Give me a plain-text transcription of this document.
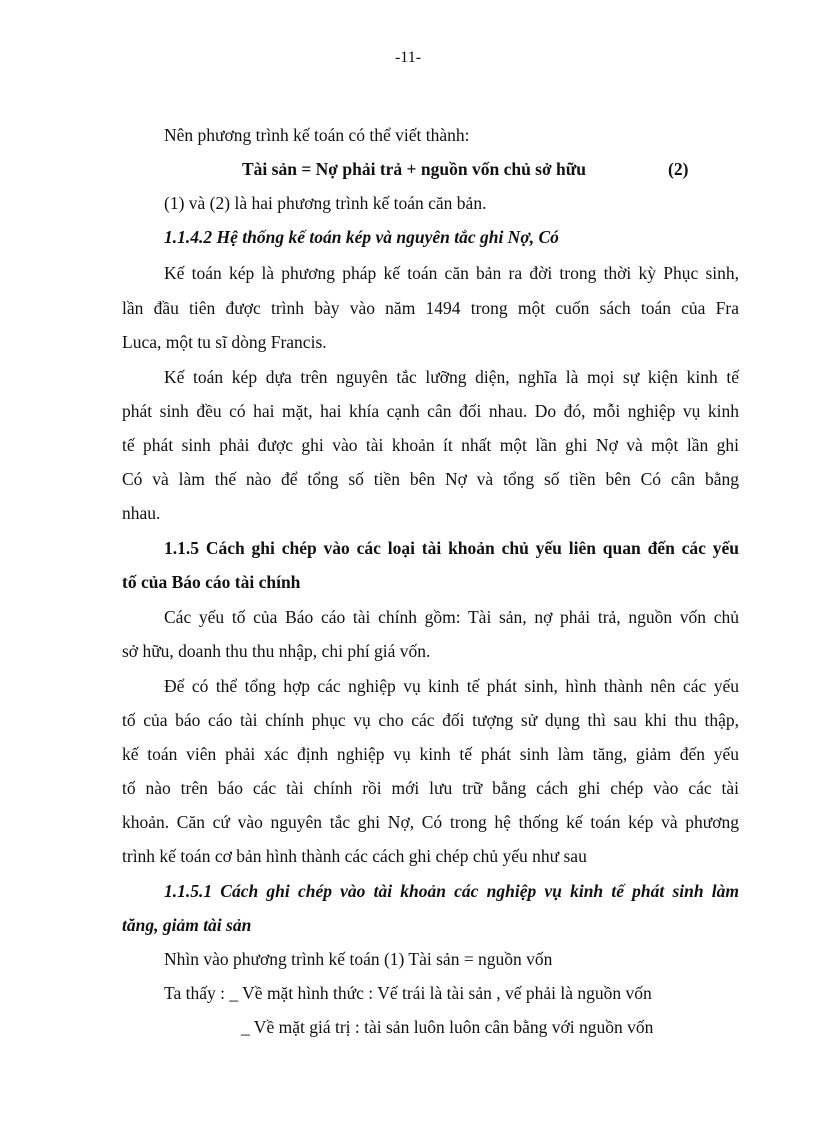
-11-
Nên phương trình kế toán có thể viết thành:
Tài sản = Nợ phải trả + nguồn vốn chủ sở hữu	(2)
(1) và (2) là hai phương trình kế toán căn bản.
1.1.4.2 Hệ thống kế toán kép và nguyên tắc ghi Nợ, Có
Kế toán kép là phương pháp kế toán căn bản ra đời trong thời kỳ Phục sinh,
lần đầu tiên được trình bày vào năm 1494 trong một cuốn sách toán của Fra
Luca, một tu sĩ dòng Francis.
Kế toán kép dựa trên nguyên tắc lưỡng diện, nghĩa là mọi sự kiện kinh tế
phát sinh đều có hai mặt, hai khía cạnh cân đối nhau. Do đó, mỗi nghiệp vụ kinh
tế phát sinh phải được ghi vào tài khoản ít nhất một lần ghi Nợ và một lần ghi
Có và làm thế nào để tổng số tiền bên Nợ và tổng số tiền bên Có cân bằng
nhau.
1.1.5 Cách ghi chép vào các loại tài khoản chủ yếu liên quan đến các yếu
tố của Báo cáo tài chính
Các yếu tố của Báo cáo tài chính gồm: Tài sản, nợ phải trả, nguồn vốn chủ
sở hữu, doanh thu thu nhập, chi phí giá vốn.
Để có thể tổng hợp các nghiệp vụ kinh tế phát sinh, hình thành nên các yếu
tố của báo cáo tài chính phục vụ cho các đối tượng sử dụng thì sau khi thu thập,
kế toán viên phải xác định nghiệp vụ kinh tế phát sinh làm tăng, giảm đến yếu
tố nào trên báo các tài chính rồi mới lưu trữ bằng cách ghi chép vào các tài
khoản. Căn cứ vào nguyên tắc ghi Nợ, Có trong hệ thống kế toán kép và phương
trình kế toán cơ bản hình thành các cách ghi chép chủ yếu như sau
1.1.5.1 Cách ghi chép vào tài khoản các nghiệp vụ kinh tế phát sinh làm
tăng, giảm tài sản
Nhìn vào phương trình kế toán (1) Tài sản = nguồn vốn
Ta thấy : _ Về mặt hình thức : Vế trái là tài sản , vế phải là nguồn vốn
_ Về mặt giá trị : tài sản luôn luôn cân bằng với nguồn vốn
